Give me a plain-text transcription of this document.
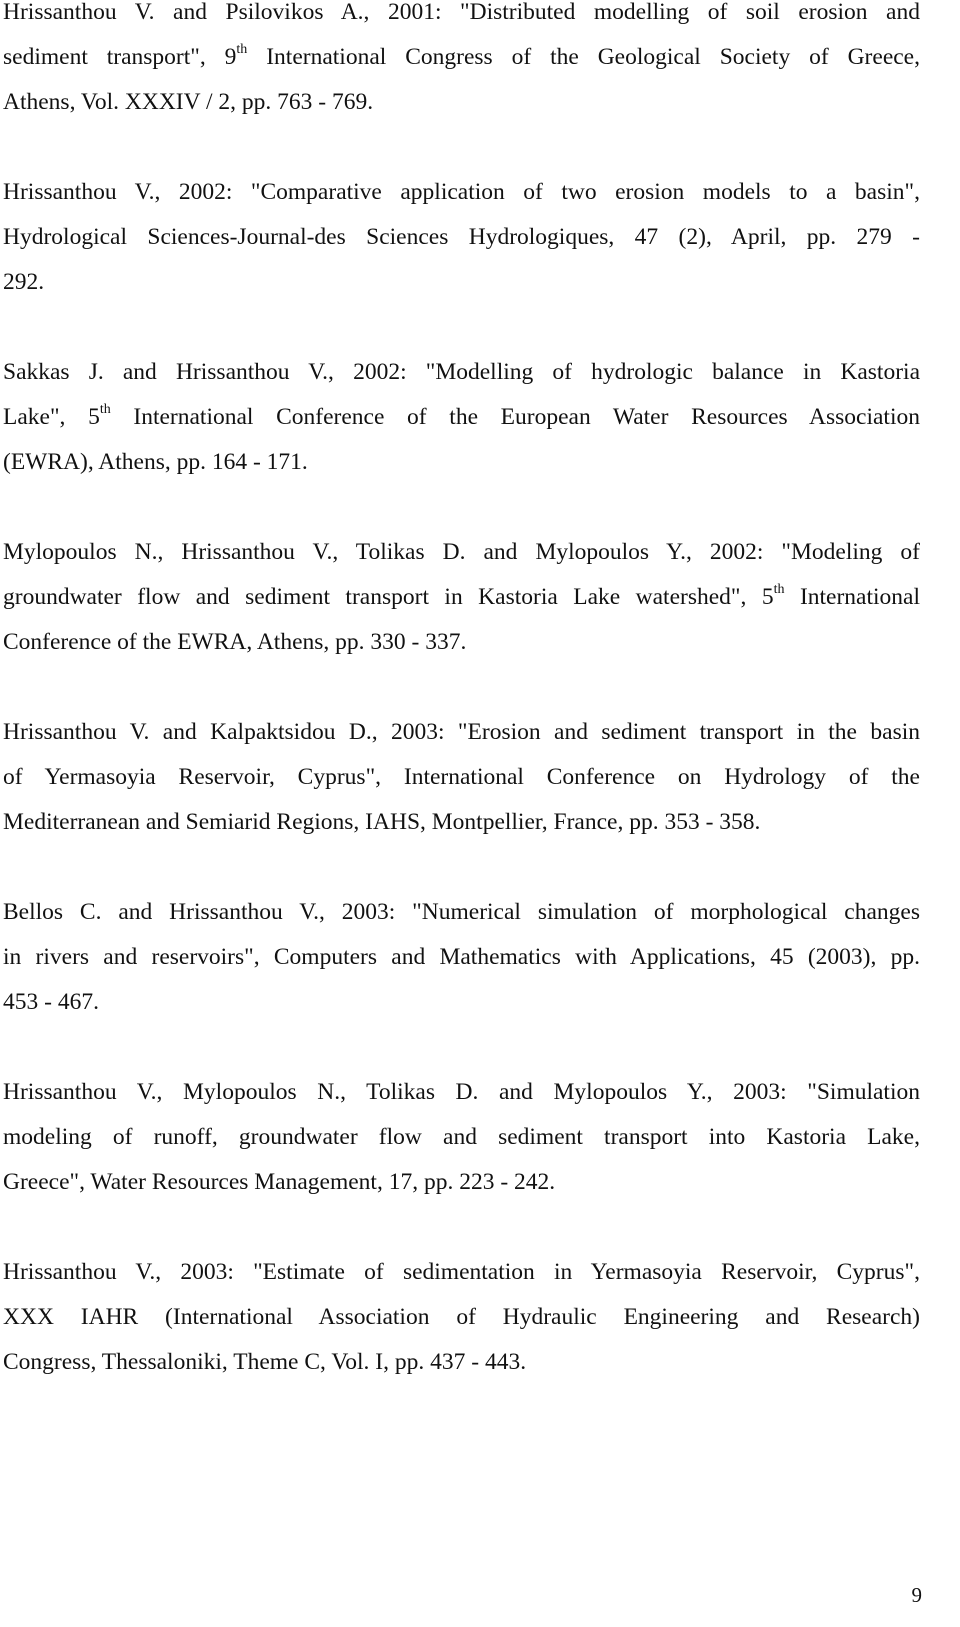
Hrissanthou V. and Psilovikos A., 2001: "Distributed modelling of soil erosion and
sediment transport", 9th International Congress of the Geological Society of Greece,
Athens, Vol. XXXIV / 2, pp. 763 - 769.
Hrissanthou V., 2002: "Comparative application of two erosion models to a basin",
Hydrological Sciences-Journal-des Sciences Hydrologiques, 47 (2), April, pp. 279 -
292.
Sakkas J. and Hrissanthou V., 2002: "Modelling of hydrologic balance in Kastoria
Lake", 5th International Conference of the European Water Resources Association
(EWRA), Athens, pp. 164 - 171.
Mylopoulos N., Hrissanthou V., Tolikas D. and Mylopoulos Y., 2002: "Modeling of
groundwater flow and sediment transport in Kastoria Lake watershed", 5th International
Conference of the EWRA, Athens, pp. 330 - 337.
Hrissanthou V. and Kalpaktsidou D., 2003: "Erosion and sediment transport in the basin
of Yermasoyia Reservoir, Cyprus", International Conference on Hydrology of the
Mediterranean and Semiarid Regions, IAHS, Montpellier, France, pp. 353 - 358.
Bellos C. and Hrissanthou V., 2003: "Numerical simulation of morphological changes
in rivers and reservoirs", Computers and Mathematics with Applications, 45 (2003), pp.
453 - 467.
Hrissanthou V., Mylopoulos N., Tolikas D. and Mylopoulos Y., 2003: "Simulation
modeling of runoff, groundwater flow and sediment transport into Kastoria Lake,
Greece", Water Resources Management, 17, pp. 223 - 242.
Hrissanthou V., 2003: "Estimate of sedimentation in Yermasoyia Reservoir, Cyprus",
XXX IAHR (International Association of Hydraulic Engineering and Research)
Congress, Thessaloniki, Theme C, Vol. I, pp. 437 - 443.
9
